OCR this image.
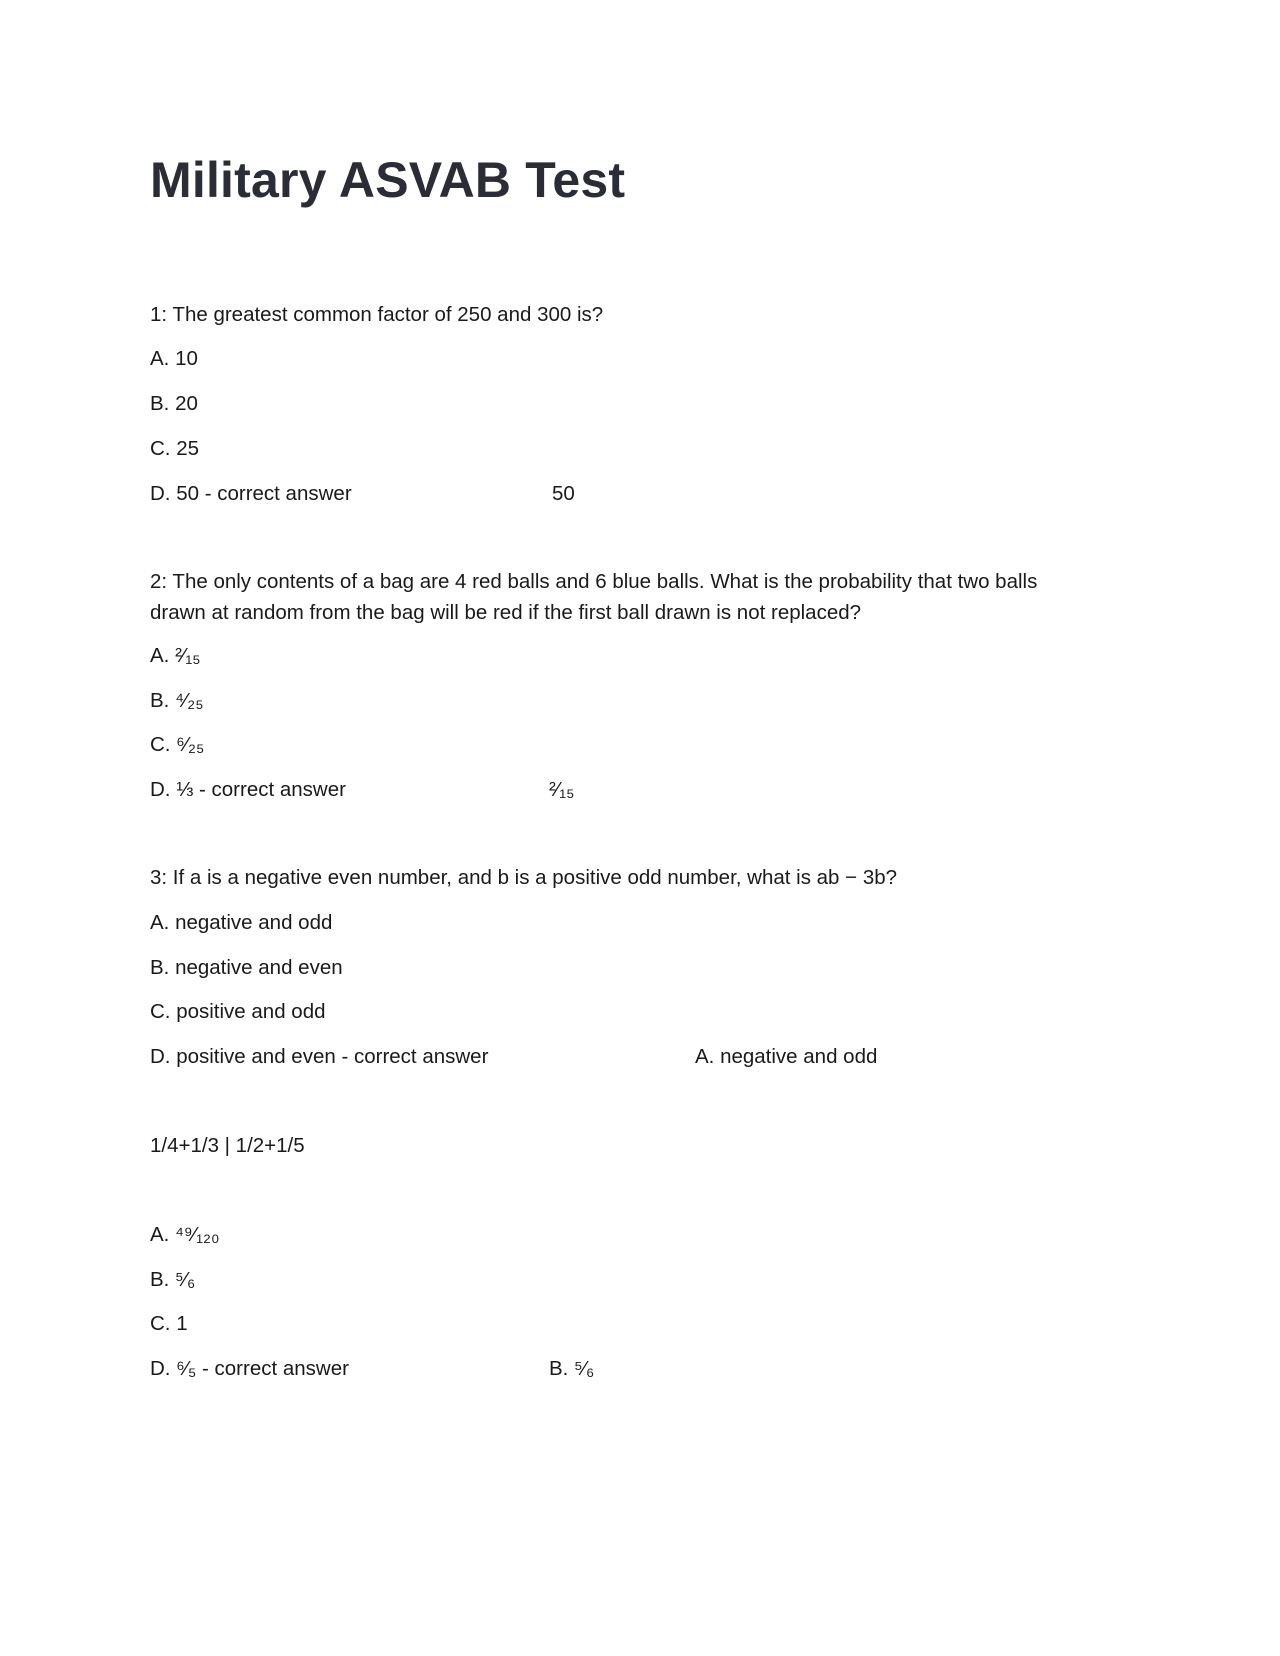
Military ASVAB Test
1: The greatest common factor of 250 and 300 is?
A. 10
B. 20
C. 25
D. 50 - correct answer	50
2: The only contents of a bag are 4 red balls and 6 blue balls. What is the probability that two balls drawn at random from the bag will be red if the first ball drawn is not replaced?
A. ²⁄₁₅
B. ⁴⁄₂₅
C. ⁶⁄₂₅
D. ⅓ - correct answer	²⁄₁₅
3: If a is a negative even number, and b is a positive odd number, what is ab − 3b?
A. negative and odd
B. negative and even
C. positive and odd
D. positive and even - correct answer	A. negative and odd
1/4+1/3 | 1/2+1/5
A. ⁴⁹⁄₁₂₀
B. ⁵⁄₆
C. 1
D. ⁶⁄₅ - correct answer	B. ⁵⁄₆
